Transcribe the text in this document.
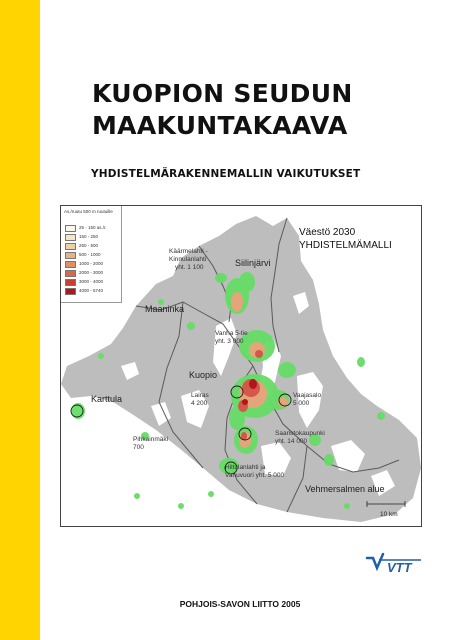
KUOPION SEUDUN
MAAKUNTAKAAVA
YHDISTELMÄRAKENNEMALLIN VAIKUTUKSET
As./ruutu 500 m ruutuille
25 - 150 as./r.
150 - 250
250 - 500
500 - 1000
1000 - 2000
2000 - 3000
3000 - 4000
4000 - 5740
Väestö 2030
YHDISTELMÄMALLI
Siilinjärvi
Maaninka
Kuopio
Karttula
Vehmersalmen alue
Käärmelahti -
Kinnulanlahti
yht. 1 100
Vanha 5-tie
yht. 3 000
Lairas
4 200
Vaajasalo
5 000
Saaristokaupunki
yht. 14 000
Pihkainmäki
700
Hiltulanlahti ja
Vanuvuori yht. 5 000
10 km
VTT
POHJOIS-SAVON LIITTO 2005
